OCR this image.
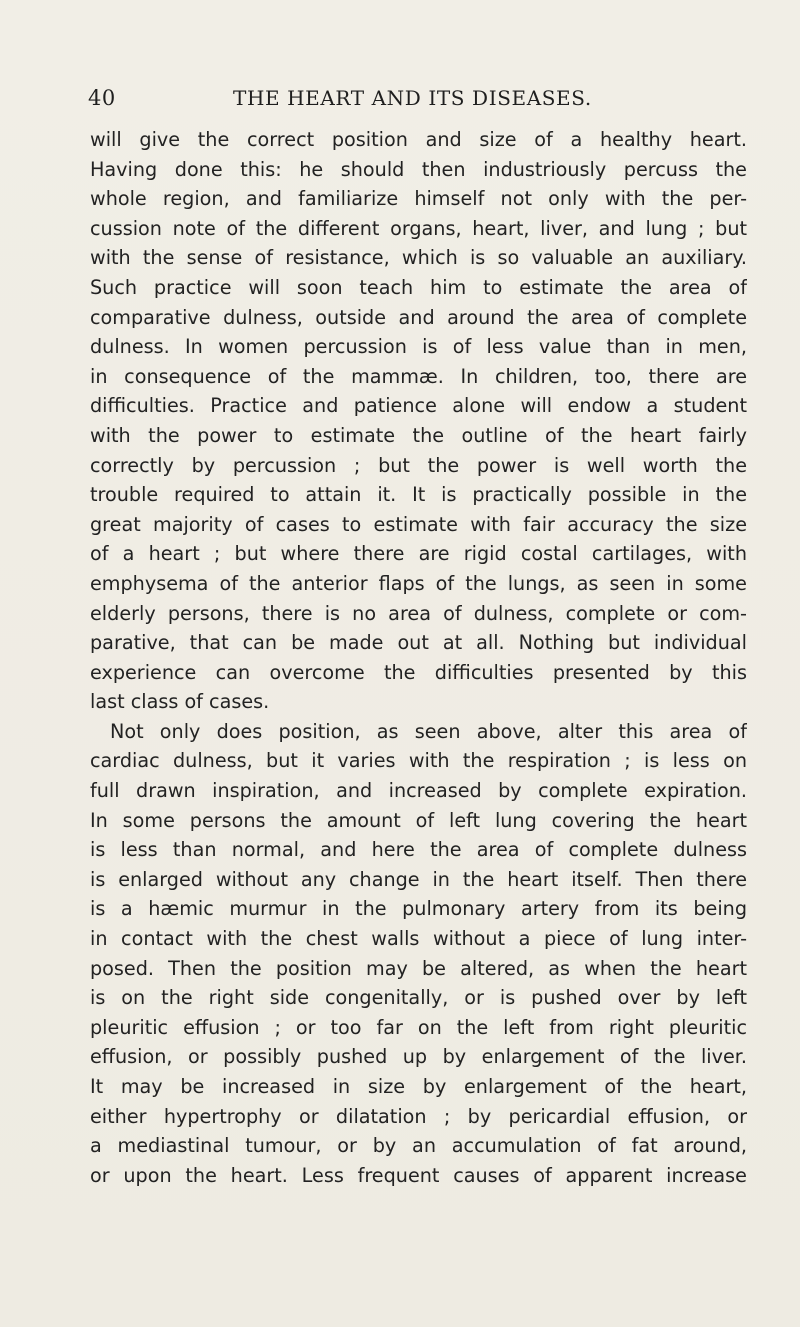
40	THE HEART AND ITS DISEASES.
will give the correct position and size of a healthy heart.
Having done this: he should then industriously percuss the
whole region, and familiarize himself not only with the per-
cussion note of the different organs, heart, liver, and lung ; but
with the sense of resistance, which is so valuable an auxiliary.
Such practice will soon teach him to estimate the area of
comparative dulness, outside and around the area of complete
dulness. In women percussion is of less value than in men,
in consequence of the mammæ. In children, too, there are
difficulties. Practice and patience alone will endow a student
with the power to estimate the outline of the heart fairly
correctly by percussion ; but the power is well worth the
trouble required to attain it. It is practically possible in the
great majority of cases to estimate with fair accuracy the size
of a heart ; but where there are rigid costal cartilages, with
emphysema of the anterior flaps of the lungs, as seen in some
elderly persons, there is no area of dulness, complete or com-
parative, that can be made out at all. Nothing but individual
experience can overcome the difficulties presented by this
last class of cases.
Not only does position, as seen above, alter this area of
cardiac dulness, but it varies with the respiration ; is less on
full drawn inspiration, and increased by complete expiration.
In some persons the amount of left lung covering the heart
is less than normal, and here the area of complete dulness
is enlarged without any change in the heart itself. Then there
is a hæmic murmur in the pulmonary artery from its being
in contact with the chest walls without a piece of lung inter-
posed. Then the position may be altered, as when the heart
is on the right side congenitally, or is pushed over by left
pleuritic effusion ; or too far on the left from right pleuritic
effusion, or possibly pushed up by enlargement of the liver.
It may be increased in size by enlargement of the heart,
either hypertrophy or dilatation ; by pericardial effusion, or
a mediastinal tumour, or by an accumulation of fat around,
or upon the heart. Less frequent causes of apparent increase
